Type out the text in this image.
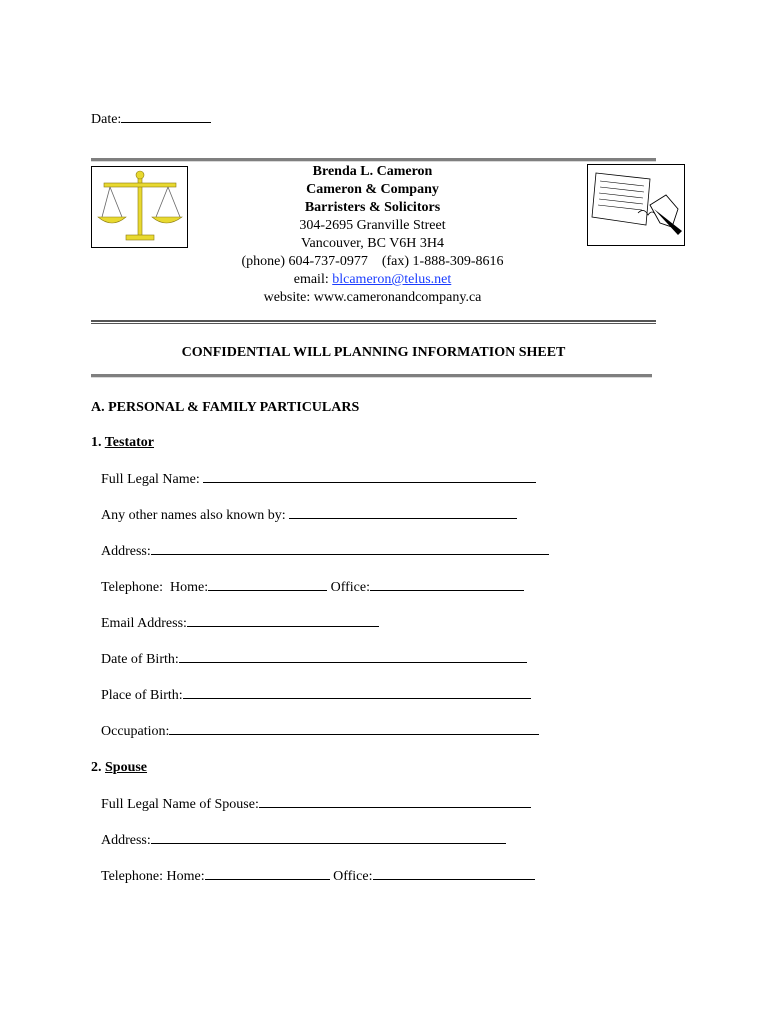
Date:
Brenda L. Cameron
Cameron & Company
Barristers & Solicitors
304-2695 Granville Street
Vancouver, BC V6H 3H4
(phone) 604-737-0977    (fax) 1-888-309-8616
email: blcameron@telus.net
website: www.cameronandcompany.ca
CONFIDENTIAL WILL PLANNING INFORMATION SHEET
A. PERSONAL & FAMILY PARTICULARS
1. Testator
Full Legal Name:
Any other names also known by:
Address:
Telephone:  Home:	Office:
Email Address:
Date of Birth:
Place of Birth:
Occupation:
2. Spouse
Full Legal Name of Spouse:
Address:
Telephone: Home:	Office:
